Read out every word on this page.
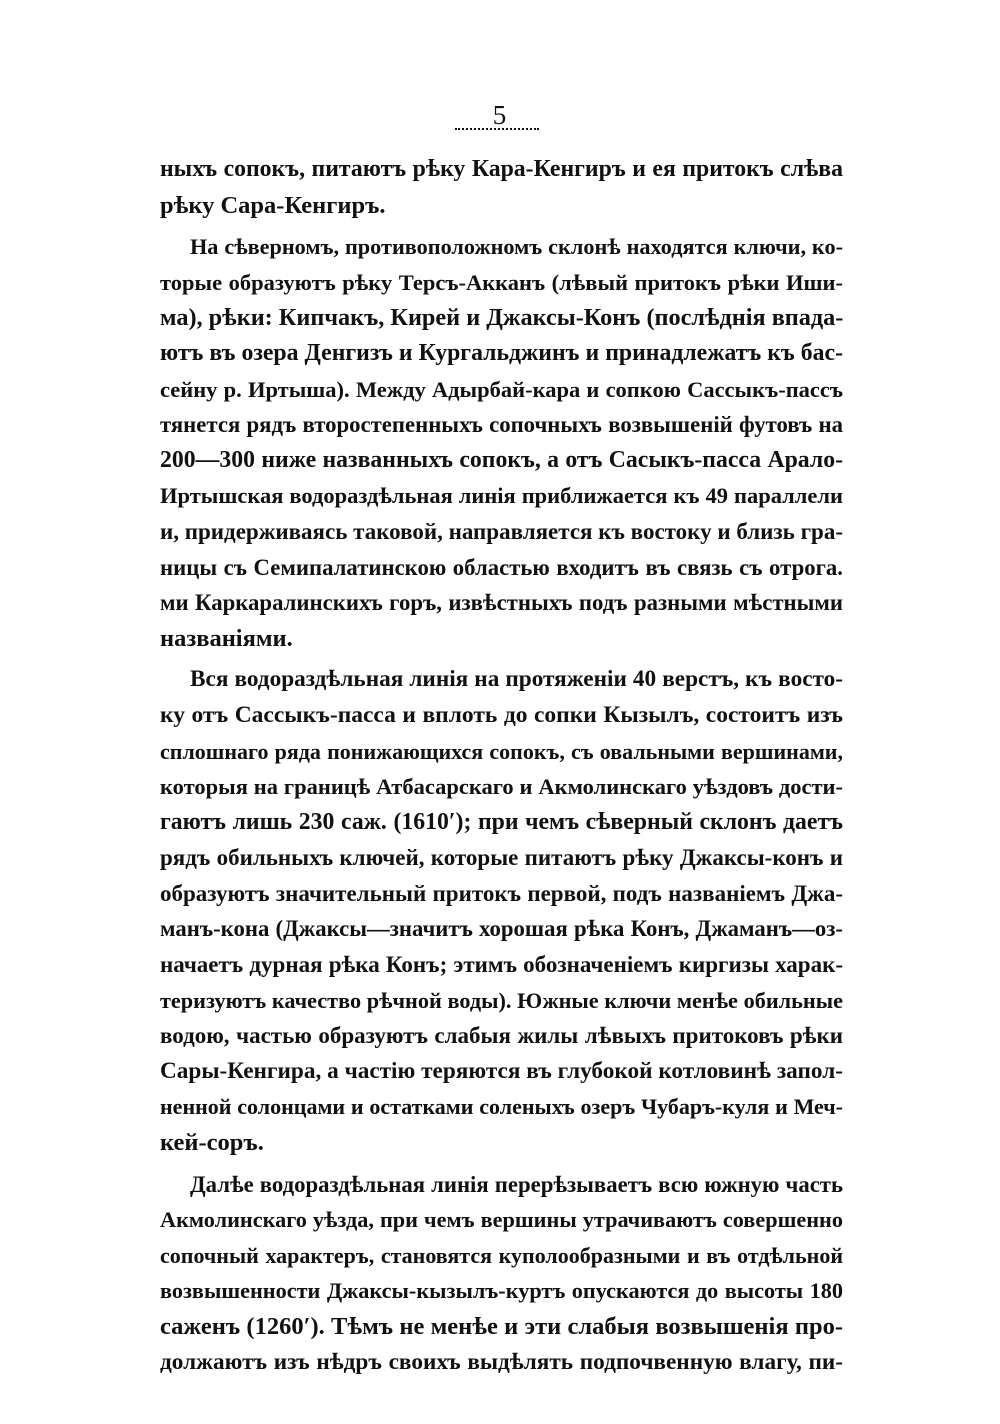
5
ныхъ сопокъ, питаютъ рѣку Кара-Кенгиръ и ея притокъ слѣва
рѣку Сара-Кенгиръ.
На сѣверномъ, противоположномъ склонѣ находятся ключи, ко-
торые образуютъ рѣку Терсъ-Акканъ (лѣвый притокъ рѣки Иши-
ма), рѣки: Кипчакъ, Кирей и Джаксы-Конъ (послѣднія впада-
ютъ въ озера Денгизъ и Кургальджинъ и принадлежатъ къ бас-
сейну р. Иртыша). Между Адырбай-кара и сопкою Сассыкъ-пассъ
тянется рядъ второстепенныхъ сопочныхъ возвышеній футовъ на
200—300 ниже названныхъ сопокъ, а отъ Сасыкъ-пасса Арало-
Иртышская водораздѣльная линія приближается къ 49 параллели
и, придерживаясь таковой, направляется къ востоку и близь гра-
ницы съ Семипалатинскою областью входитъ въ связь съ отрога.
ми Каркаралинскихъ горъ, извѣстныхъ подъ разными мѣстными
названіями.
Вся водораздѣльная линія на протяженіи 40 верстъ, къ восто-
ку отъ Сассыкъ-пасса и вплоть до сопки Кызылъ, состоитъ изъ
сплошнаго ряда понижающихся сопокъ, съ овальными вершинами,
которыя на границѣ Атбасарскаго и Акмолинскаго уѣздовъ дости-
гаютъ лишь 230 саж. (1610′); при чемъ сѣверный склонъ даетъ
рядъ обильныхъ ключей, которые питаютъ рѣку Джаксы-конъ и
образуютъ значительный притокъ первой, подъ названіемъ Джа-
манъ-кона (Джаксы—значитъ хорошая рѣка Конъ, Джаманъ—оз-
начаетъ дурная рѣка Конъ; этимъ обозначеніемъ киргизы харак-
теризуютъ качество рѣчной воды). Южные ключи менѣе обильные
водою, частью образуютъ слабыя жилы лѣвыхъ притоковъ рѣки
Сары-Кенгира, а частію теряются въ глубокой котловинѣ запол-
ненной солонцами и остатками соленыхъ озеръ Чубаръ-куля и Меч-
кей-соръ.
Далѣе водораздѣльная линія перерѣзываетъ всю южную часть
Акмолинскаго уѣзда, при чемъ вершины утрачиваютъ совершенно
сопочный характеръ, становятся куполообразными и въ отдѣльной
возвышенности Джаксы-кызылъ-куртъ опускаются до высоты 180
саженъ (1260′). Тѣмъ не менѣе и эти слабыя возвышенія про-
должаютъ изъ нѣдръ своихъ выдѣлять подпочвенную влагу, пи-
